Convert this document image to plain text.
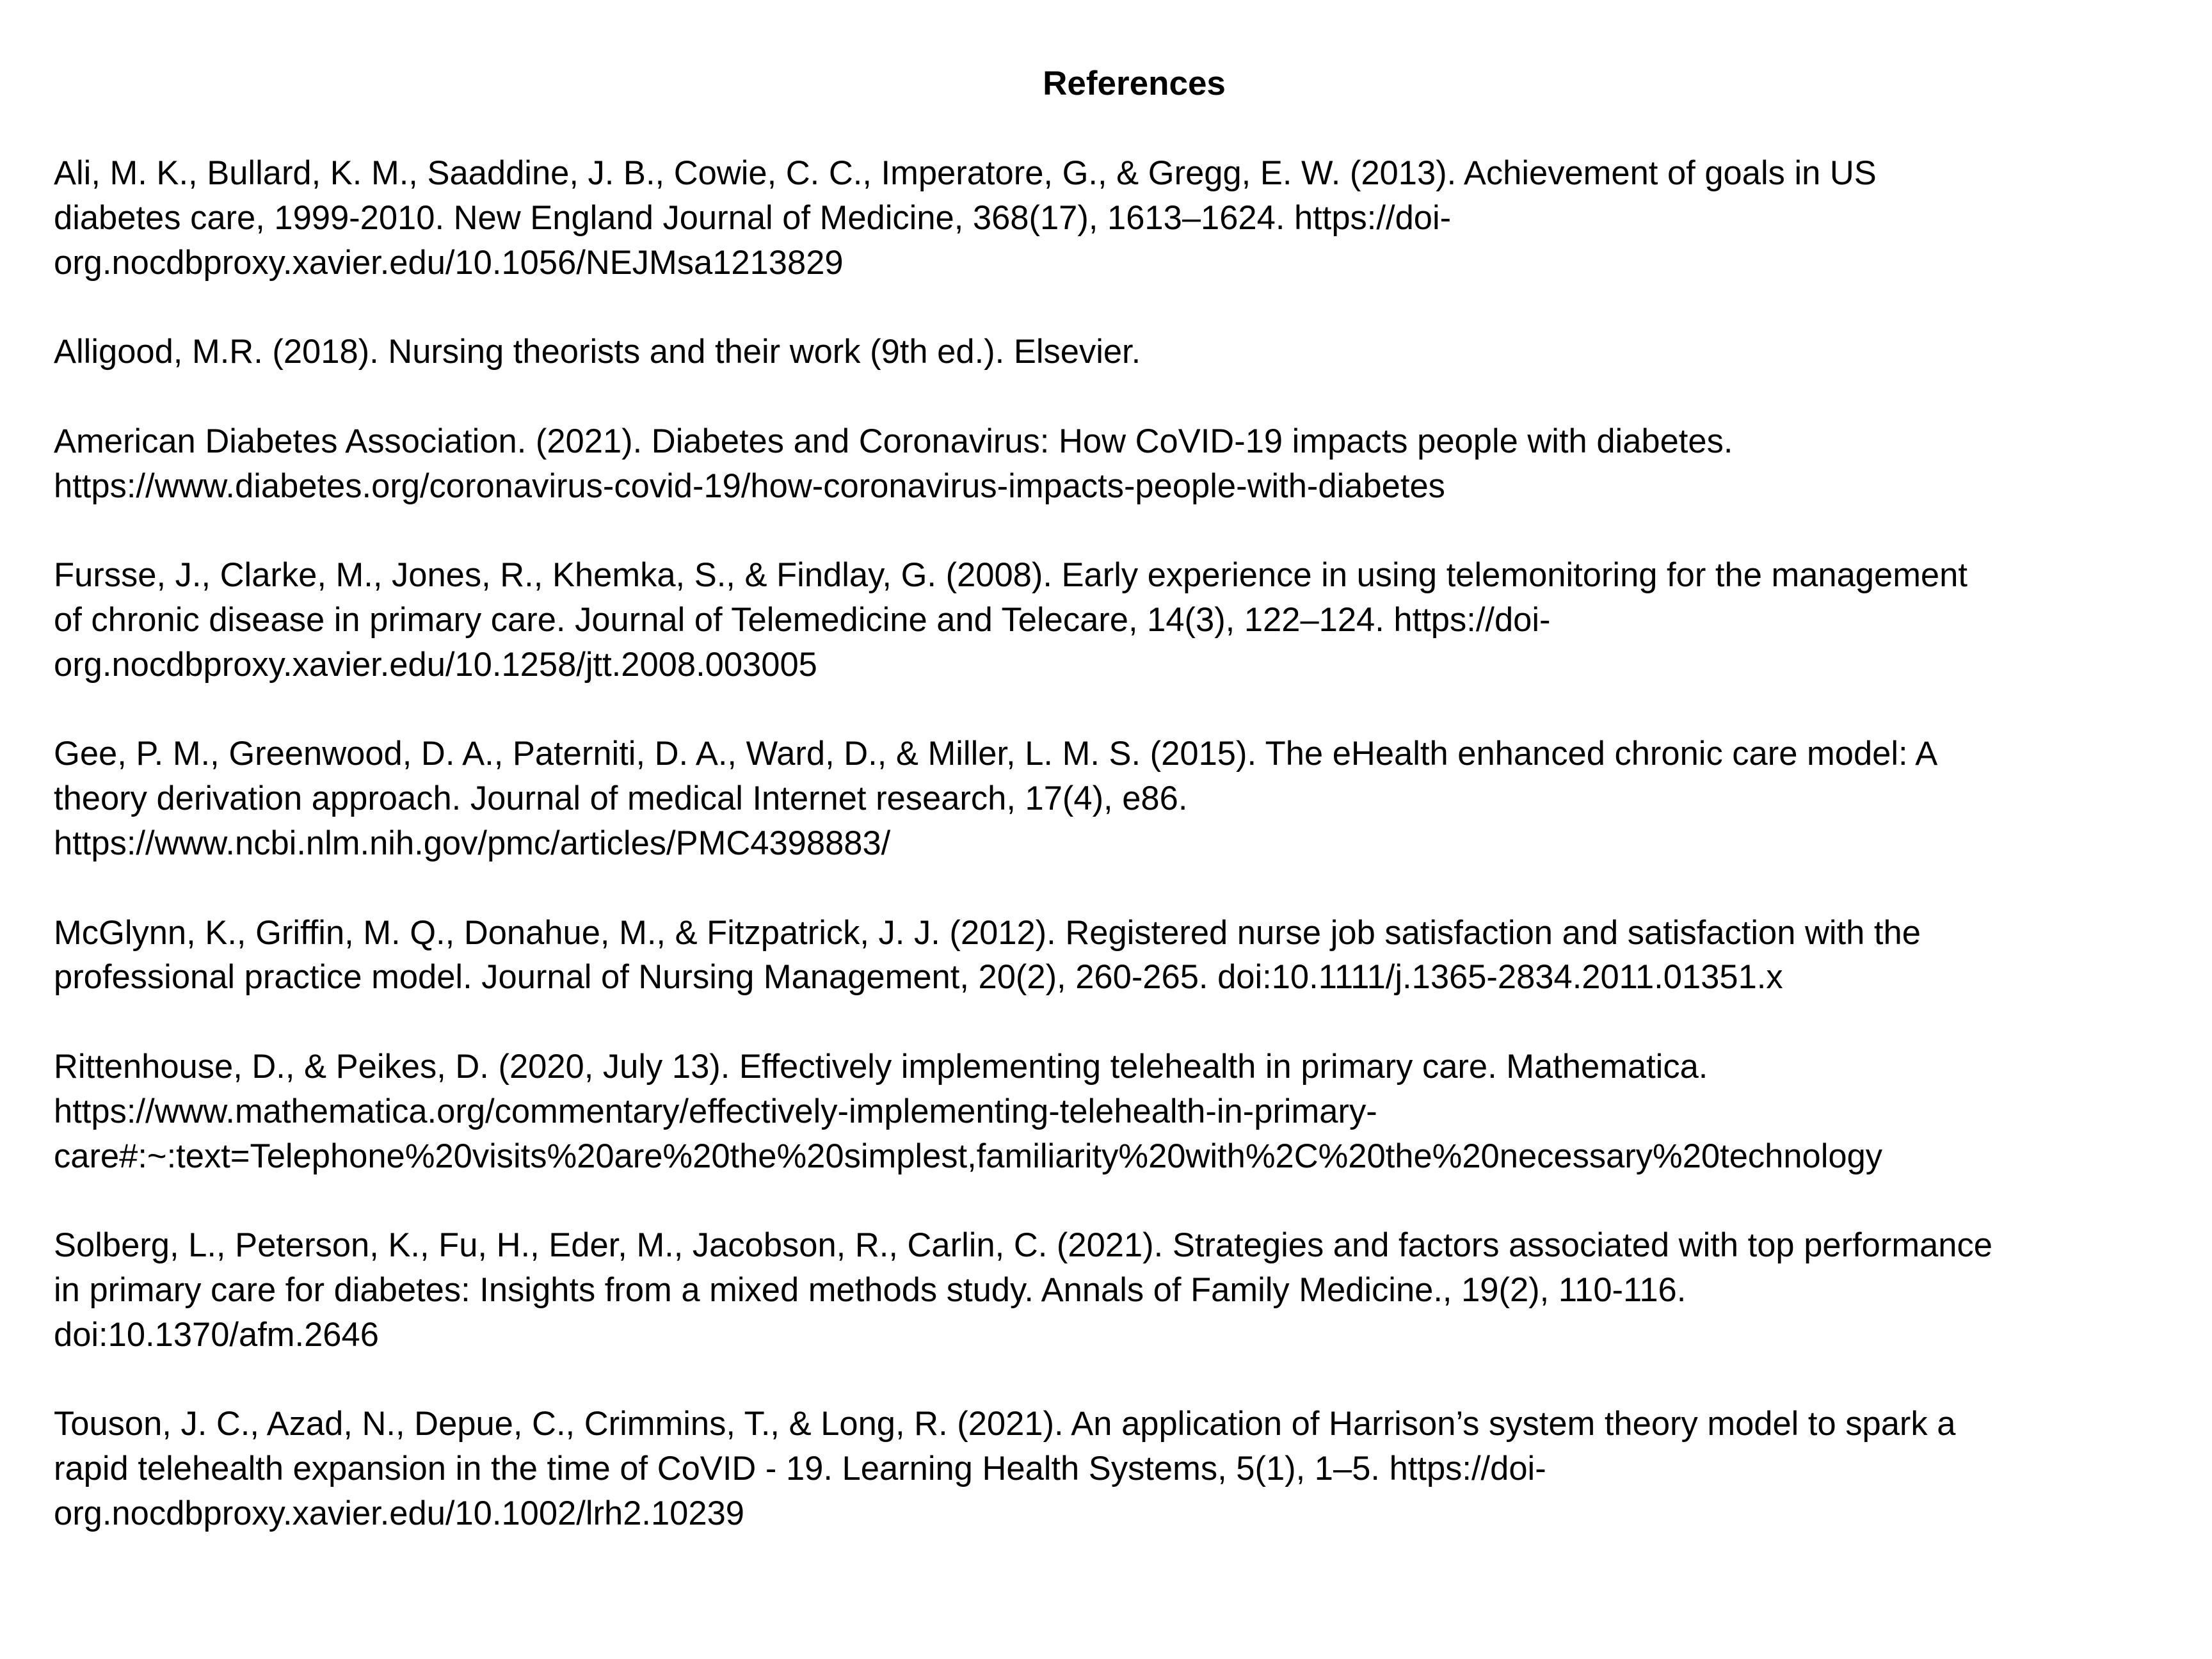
References
Ali, M. K., Bullard, K. M., Saaddine, J. B., Cowie, C. C., Imperatore, G., & Gregg, E. W. (2013). Achievement of goals in US
diabetes care, 1999-2010. New England Journal of Medicine, 368(17), 1613–1624. https://doi-
org.nocdbproxy.xavier.edu/10.1056/NEJMsa1213829
Alligood, M.R. (2018). Nursing theorists and their work (9th ed.). Elsevier.
American Diabetes Association. (2021). Diabetes and Coronavirus: How CoVID-19 impacts people with diabetes.
https://www.diabetes.org/coronavirus-covid-19/how-coronavirus-impacts-people-with-diabetes
Fursse, J., Clarke, M., Jones, R., Khemka, S., & Findlay, G. (2008). Early experience in using telemonitoring for the management
of chronic disease in primary care. Journal of Telemedicine and Telecare, 14(3), 122–124. https://doi-
org.nocdbproxy.xavier.edu/10.1258/jtt.2008.003005
Gee, P. M., Greenwood, D. A., Paterniti, D. A., Ward, D., & Miller, L. M. S. (2015). The eHealth enhanced chronic care model: A
theory derivation approach. Journal of medical Internet research, 17(4), e86.
https://www.ncbi.nlm.nih.gov/pmc/articles/PMC4398883/
McGlynn, K., Griffin, M. Q., Donahue, M., & Fitzpatrick, J. J. (2012). Registered nurse job satisfaction and satisfaction with the
professional practice model. Journal of Nursing Management, 20(2), 260-265. doi:10.1111/j.1365-2834.2011.01351.x
Rittenhouse, D., & Peikes, D. (2020, July 13). Effectively implementing telehealth in primary care. Mathematica.
https://www.mathematica.org/commentary/effectively-implementing-telehealth-in-primary-
care#:~:text=Telephone%20visits%20are%20the%20simplest,familiarity%20with%2C%20the%20necessary%20technology
Solberg, L., Peterson, K., Fu, H., Eder, M., Jacobson, R., Carlin, C. (2021). Strategies and factors associated with top performance
in primary care for diabetes: Insights from a mixed methods study. Annals of Family Medicine., 19(2), 110-116.
doi:10.1370/afm.2646
Touson, J. C., Azad, N., Depue, C., Crimmins, T., & Long, R. (2021). An application of Harrison’s system theory model to spark a
rapid telehealth expansion in the time of CoVID - 19. Learning Health Systems, 5(1), 1–5. https://doi-
org.nocdbproxy.xavier.edu/10.1002/lrh2.10239
